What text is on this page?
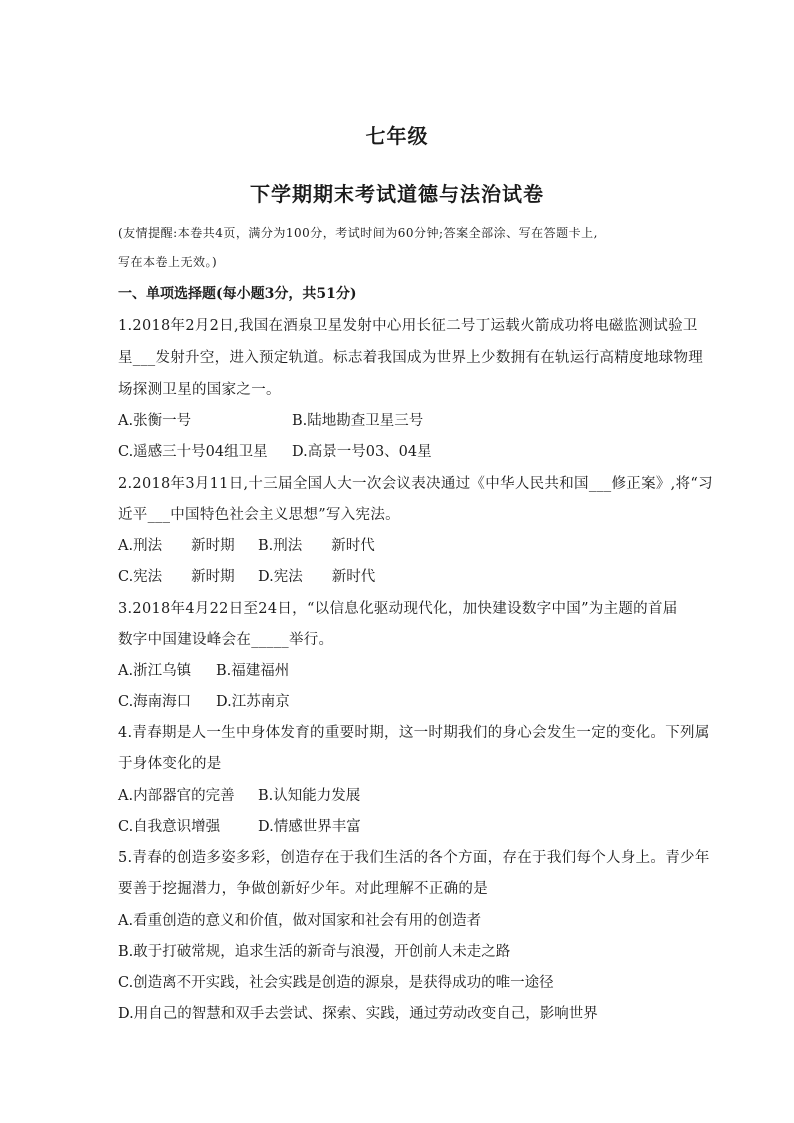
七年级
下学期期末考试道德与法治试卷
(友情提醒:本卷共4页，满分为100分，考试时间为60分钟;答案全部涂、写在答题卡上,
写在本卷上无效。)
一、单项选择题(每小题3分，共51分)
1.2018年2月2日,我国在酒泉卫星发射中心用长征二号丁运载火箭成功将电磁监测试验卫
星___发射升空，进入预定轨道。标志着我国成为世界上少数拥有在轨运行高精度地球物理
场探测卫星的国家之一。
A.张衡一号	B.陆地勘查卫星三号
C.遥感三十号04组卫星 D.高景一号03、04星
2.2018年3月11日,十三届全国人大一次会议表决通过《中华人民共和国___修正案》,将“习
近平___中国特色社会主义思想”写入宪法。
A.刑法　　新时期 B.刑法　　新时代
C.宪法　　新时期 D.宪法　　新时代
3.2018年4月22日至24日，“以信息化驱动现代化，加快建设数字中国”为主题的首届
数字中国建设峰会在_____举行。
A.浙江乌镇 B.福建福州
C.海南海口 D.江苏南京
4.青春期是人一生中身体发育的重要时期，这一时期我们的身心会发生一定的变化。下列属
于身体变化的是
A.内部器官的完善 B.认知能力发展
C.自我意识增强	D.情感世界丰富
5.青春的创造多姿多彩，创造存在于我们生活的各个方面，存在于我们每个人身上。青少年
要善于挖掘潜力，争做创新好少年。对此理解不正确的是
A.看重创造的意义和价值，做对国家和社会有用的创造者
B.敢于打破常规，追求生活的新奇与浪漫，开创前人未走之路
C.创造离不开实践，社会实践是创造的源泉，是获得成功的唯一途径
D.用自己的智慧和双手去尝试、探索、实践，通过劳动改变自己，影响世界
